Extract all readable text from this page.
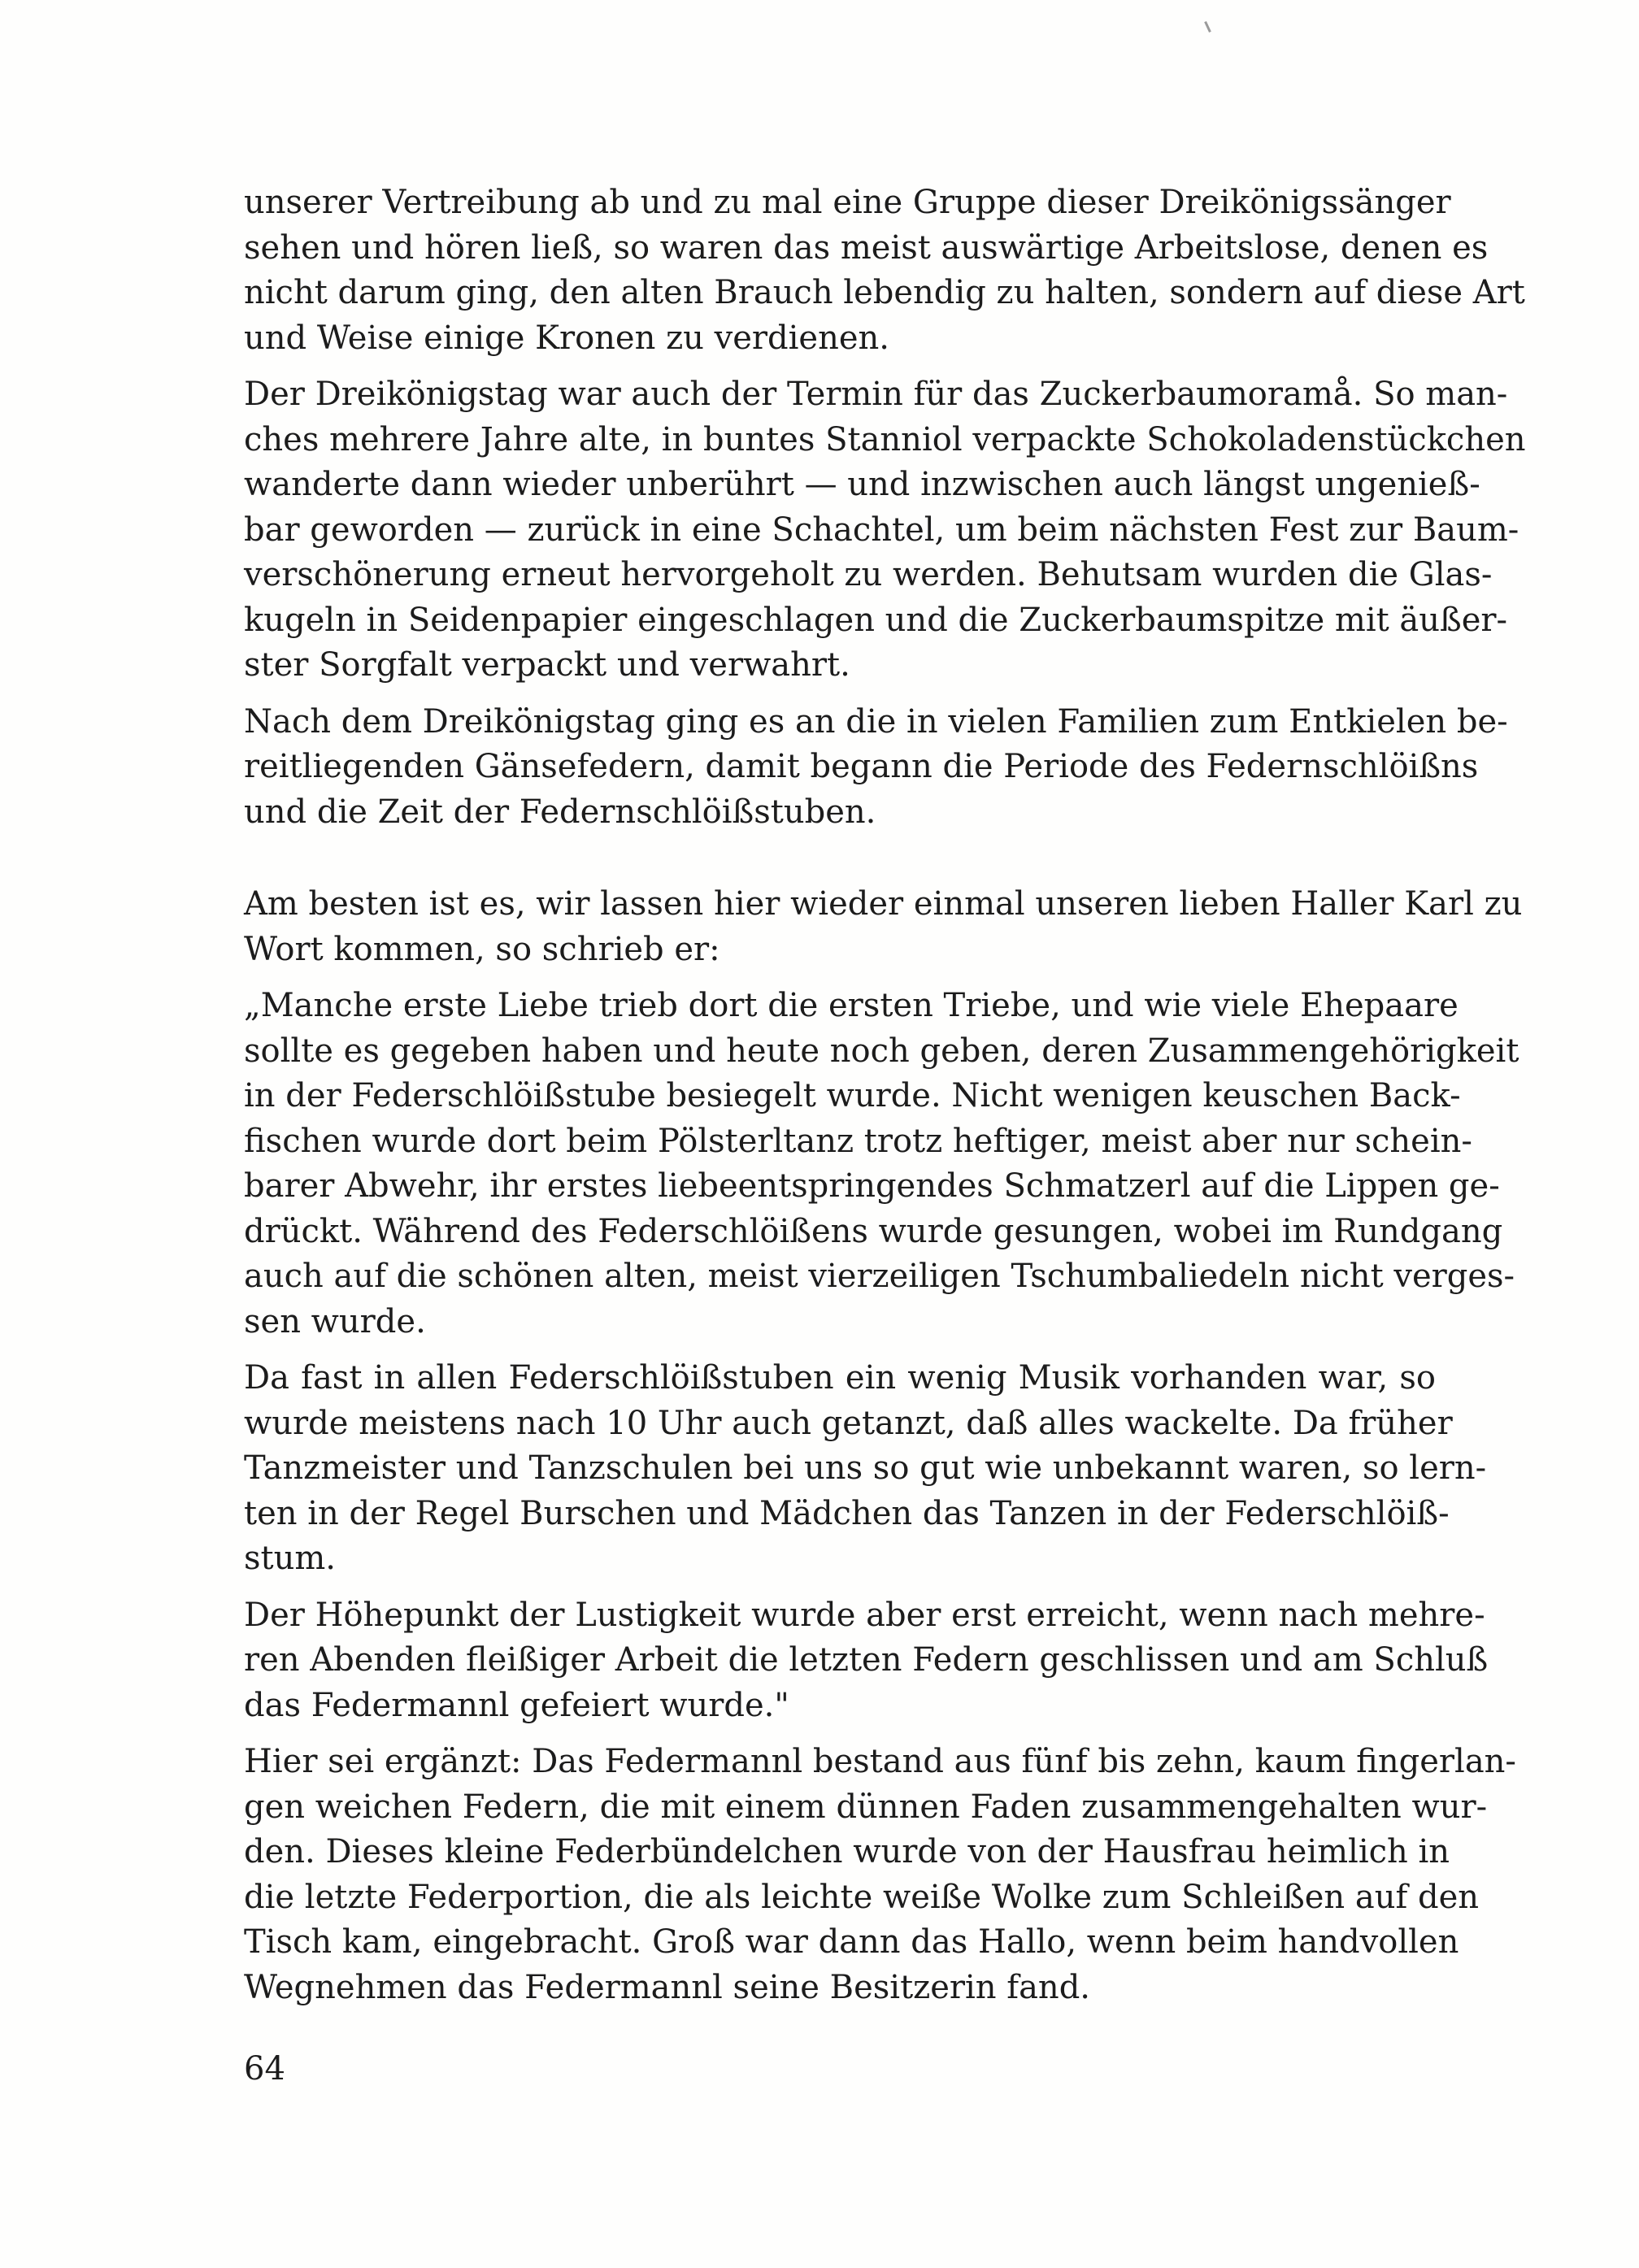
unserer Vertreibung ab und zu mal eine Gruppe dieser Dreikönigssänger
sehen und hören ließ, so waren das meist auswärtige Arbeitslose, denen es
nicht darum ging, den alten Brauch lebendig zu halten, sondern auf diese Art
und Weise einige Kronen zu verdienen.

Der Dreikönigstag war auch der Termin für das Zuckerbaumoramå. So man-
ches mehrere Jahre alte, in buntes Stanniol verpackte Schokoladenstückchen
wanderte dann wieder unberührt — und inzwischen auch längst ungenieß-
bar geworden — zurück in eine Schachtel, um beim nächsten Fest zur Baum-
verschönerung erneut hervorgeholt zu werden. Behutsam wurden die Glas-
kugeln in Seidenpapier eingeschlagen und die Zuckerbaumspitze mit äußer-
ster Sorgfalt verpackt und verwahrt.

Nach dem Dreikönigstag ging es an die in vielen Familien zum Entkielen be-
reitliegenden Gänsefedern, damit begann die Periode des Federnschlöißns
und die Zeit der Federnschlöißstuben.

Am besten ist es, wir lassen hier wieder einmal unseren lieben Haller Karl zu
Wort kommen, so schrieb er:

„Manche erste Liebe trieb dort die ersten Triebe, und wie viele Ehepaare
sollte es gegeben haben und heute noch geben, deren Zusammengehörigkeit
in der Federschlöißstube besiegelt wurde. Nicht wenigen keuschen Back-
fischen wurde dort beim Pölsterltanz trotz heftiger, meist aber nur schein-
barer Abwehr, ihr erstes liebeentspringendes Schmatzerl auf die Lippen ge-
drückt. Während des Federschlöißens wurde gesungen, wobei im Rundgang
auch auf die schönen alten, meist vierzeiligen Tschumbaliedeln nicht verges-
sen wurde.

Da fast in allen Federschlöißstuben ein wenig Musik vorhanden war, so
wurde meistens nach 10 Uhr auch getanzt, daß alles wackelte. Da früher
Tanzmeister und Tanzschulen bei uns so gut wie unbekannt waren, so lern-
ten in der Regel Burschen und Mädchen das Tanzen in der Federschlöiß-
stum.

Der Höhepunkt der Lustigkeit wurde aber erst erreicht, wenn nach mehre-
ren Abenden fleißiger Arbeit die letzten Federn geschlissen und am Schluß
das Federmannl gefeiert wurde."

Hier sei ergänzt: Das Federmannl bestand aus fünf bis zehn, kaum fingerlan-
gen weichen Federn, die mit einem dünnen Faden zusammengehalten wur-
den. Dieses kleine Federbündelchen wurde von der Hausfrau heimlich in
die letzte Federportion, die als leichte weiße Wolke zum Schleißen auf den
Tisch kam, eingebracht. Groß war dann das Hallo, wenn beim handvollen
Wegnehmen das Federmannl seine Besitzerin fand.

64
